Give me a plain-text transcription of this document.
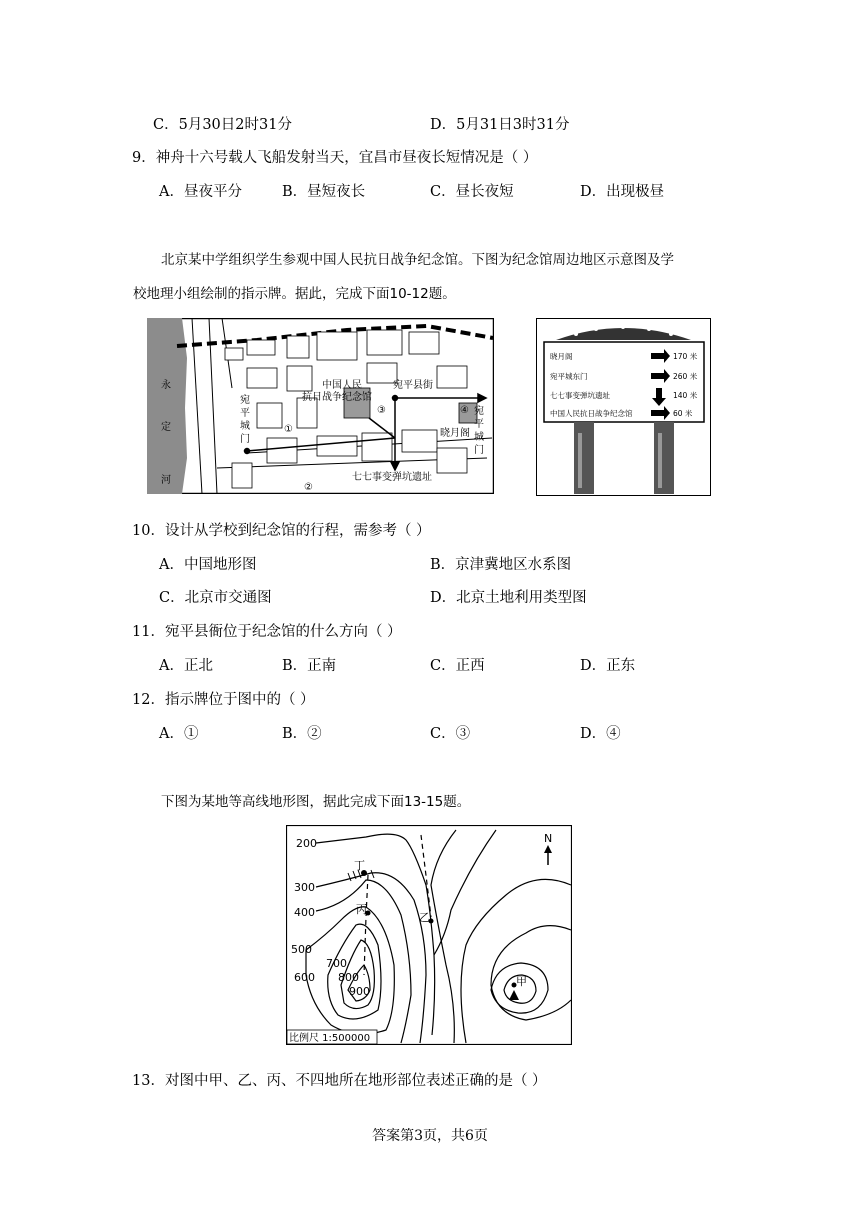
C．5月30日2时31分	D．5月31日3时31分
9．神舟十六号载人飞船发射当天，宜昌市昼夜长短情况是（ ）
A．昼夜平分	B．昼短夜长	C．昼长夜短	D．出现极昼
北京某中学组织学生参观中国人民抗日战争纪念馆。下图为纪念馆周边地区示意图及学
校地理小组绘制的指示牌。据此，完成下面10-12题。
永
定
河
宛
平
城
门
中国人民
抗日战争纪念馆
宛平县街
晓月阁
七七事变弹坑遗址
宛
平
城
门
①
②
③	④
晓月阁	170 米
宛平城东门	260 米
七七事变弹坑遗址	140 米
中国人民抗日战争纪念馆	60 米
10．设计从学校到纪念馆的行程，需参考（ ）
A．中国地形图	B．京津冀地区水系图
C．北京市交通图	D．北京土地利用类型图
11．宛平县衙位于纪念馆的什么方向（ ）
A．正北	B．正南	C．正西	D．正东
12．指示牌位于图中的（ ）
A．①	B．②	C．③	D．④
下图为某地等高线地形图，据此完成下面13-15题。
N
200
300
400
500
600
700
800
900
丁
丙
乙
甲
比例尺 1:500000
13．对图中甲、乙、丙、不四地所在地形部位表述正确的是（ ）
答案第3页，共6页
